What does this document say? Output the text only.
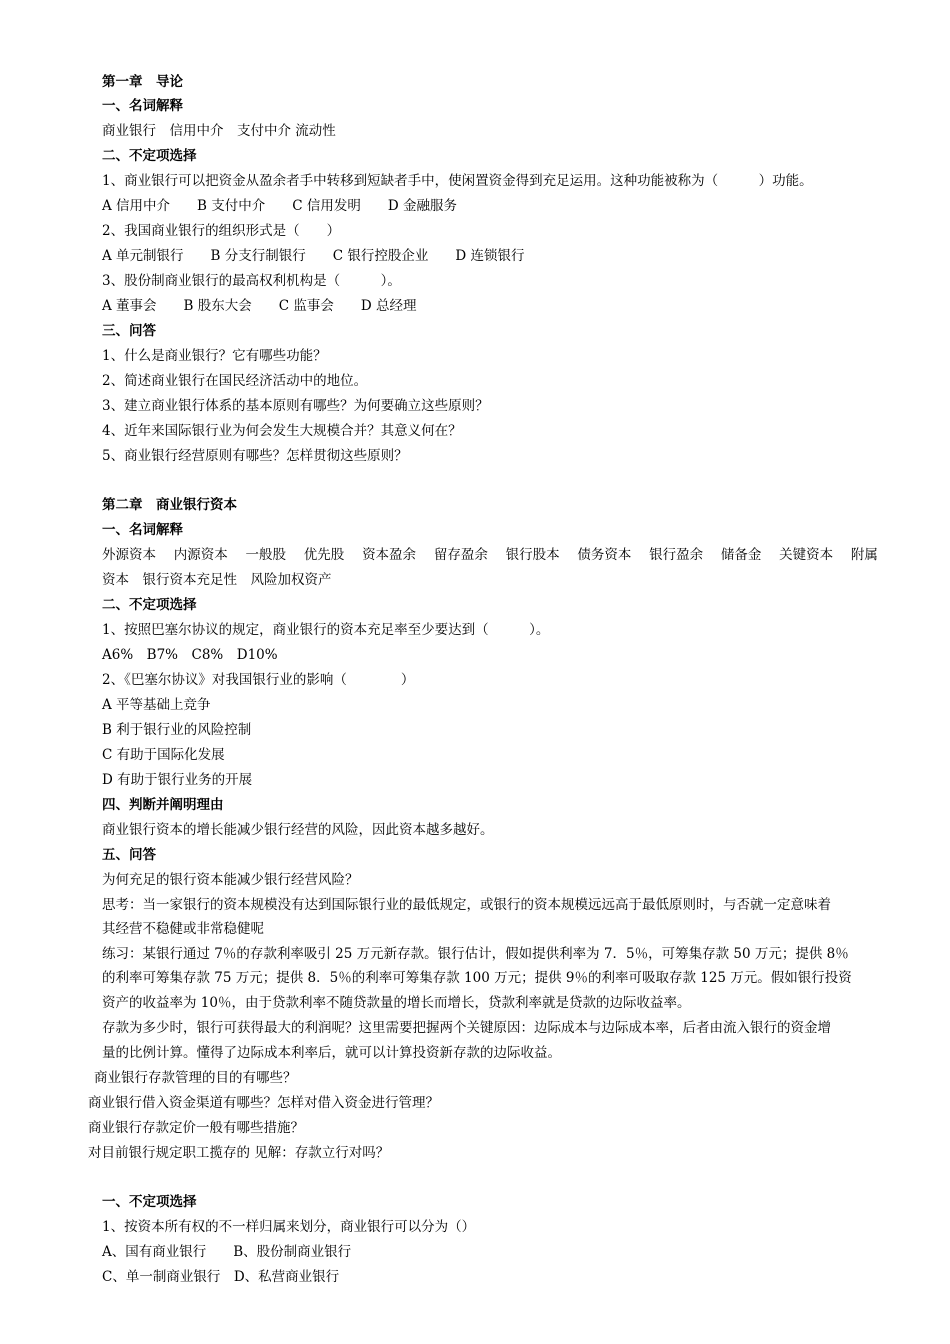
第一章　导论
一、名词解释
商业银行　信用中介　支付中介 流动性
二、不定项选择
1、商业银行可以把资金从盈余者手中转移到短缺者手中，使闲置资金得到充足运用。这种功能被称为（　　　）功能。
A 信用中介　　B 支付中介　　C 信用发明　　D 金融服务
2、我国商业银行的组织形式是（　　）
A 单元制银行　　B 分支行制银行　　C 银行控股企业　　D 连锁银行
3、股份制商业银行的最高权利机构是（　　　）。
A 董事会　　B 股东大会　　C 监事会　　D 总经理
三、问答
1、什么是商业银行？它有哪些功能？
2、简述商业银行在国民经济活动中的地位。
3、建立商业银行体系的基本原则有哪些？为何要确立这些原则？
4、近年来国际银行业为何会发生大规模合并？其意义何在？
5、商业银行经营原则有哪些？怎样贯彻这些原则？
第二章　商业银行资本
一、名词解释
外源资本 内源资本 一般股 优先股 资本盈余 留存盈余 银行股本 债务资本 银行盈余 储备金 关键资本 附属
资本　银行资本充足性　风险加权资产
二、不定项选择
1、按照巴塞尔协议的规定，商业银行的资本充足率至少要达到（　　　）。
A6%　B7%　C8%　D10%
2、《巴塞尔协议》对我国银行业的影响（　　　　）
A 平等基础上竞争
B 利于银行业的风险控制
C 有助于国际化发展
D 有助于银行业务的开展
四、判断并阐明理由
商业银行资本的增长能减少银行经营的风险，因此资本越多越好。
五、问答
为何充足的银行资本能减少银行经营风险？
思考：当一家银行的资本规模没有达到国际银行业的最低规定，或银行的资本规模远远高于最低原则时，与否就一定意味着
其经营不稳健或非常稳健呢
练习：某银行通过 7％的存款利率吸引 25 万元新存款。银行估计，假如提供利率为 7．5％，可筹集存款 50 万元；提供 8％
的利率可筹集存款 75 万元；提供 8．5％的利率可筹集存款 100 万元；提供 9％的利率可吸取存款 125 万元。假如银行投资
资产的收益率为 10％，由于贷款利率不随贷款量的增长而增长，贷款利率就是贷款的边际收益率。
存款为多少时，银行可获得最大的利润呢？这里需要把握两个关键原因：边际成本与边际成本率，后者由流入银行的资金增
量的比例计算。懂得了边际成本利率后，就可以计算投资新存款的边际收益。
商业银行存款管理的目的有哪些？
商业银行借入资金渠道有哪些？怎样对借入资金进行管理？
商业银行存款定价一般有哪些措施？
对目前银行规定职工揽存的 见解：存款立行对吗？
一、不定项选择
1、按资本所有权的不一样归属来划分，商业银行可以分为（）
A、国有商业银行　　B、股份制商业银行
C、单一制商业银行　D、私营商业银行
